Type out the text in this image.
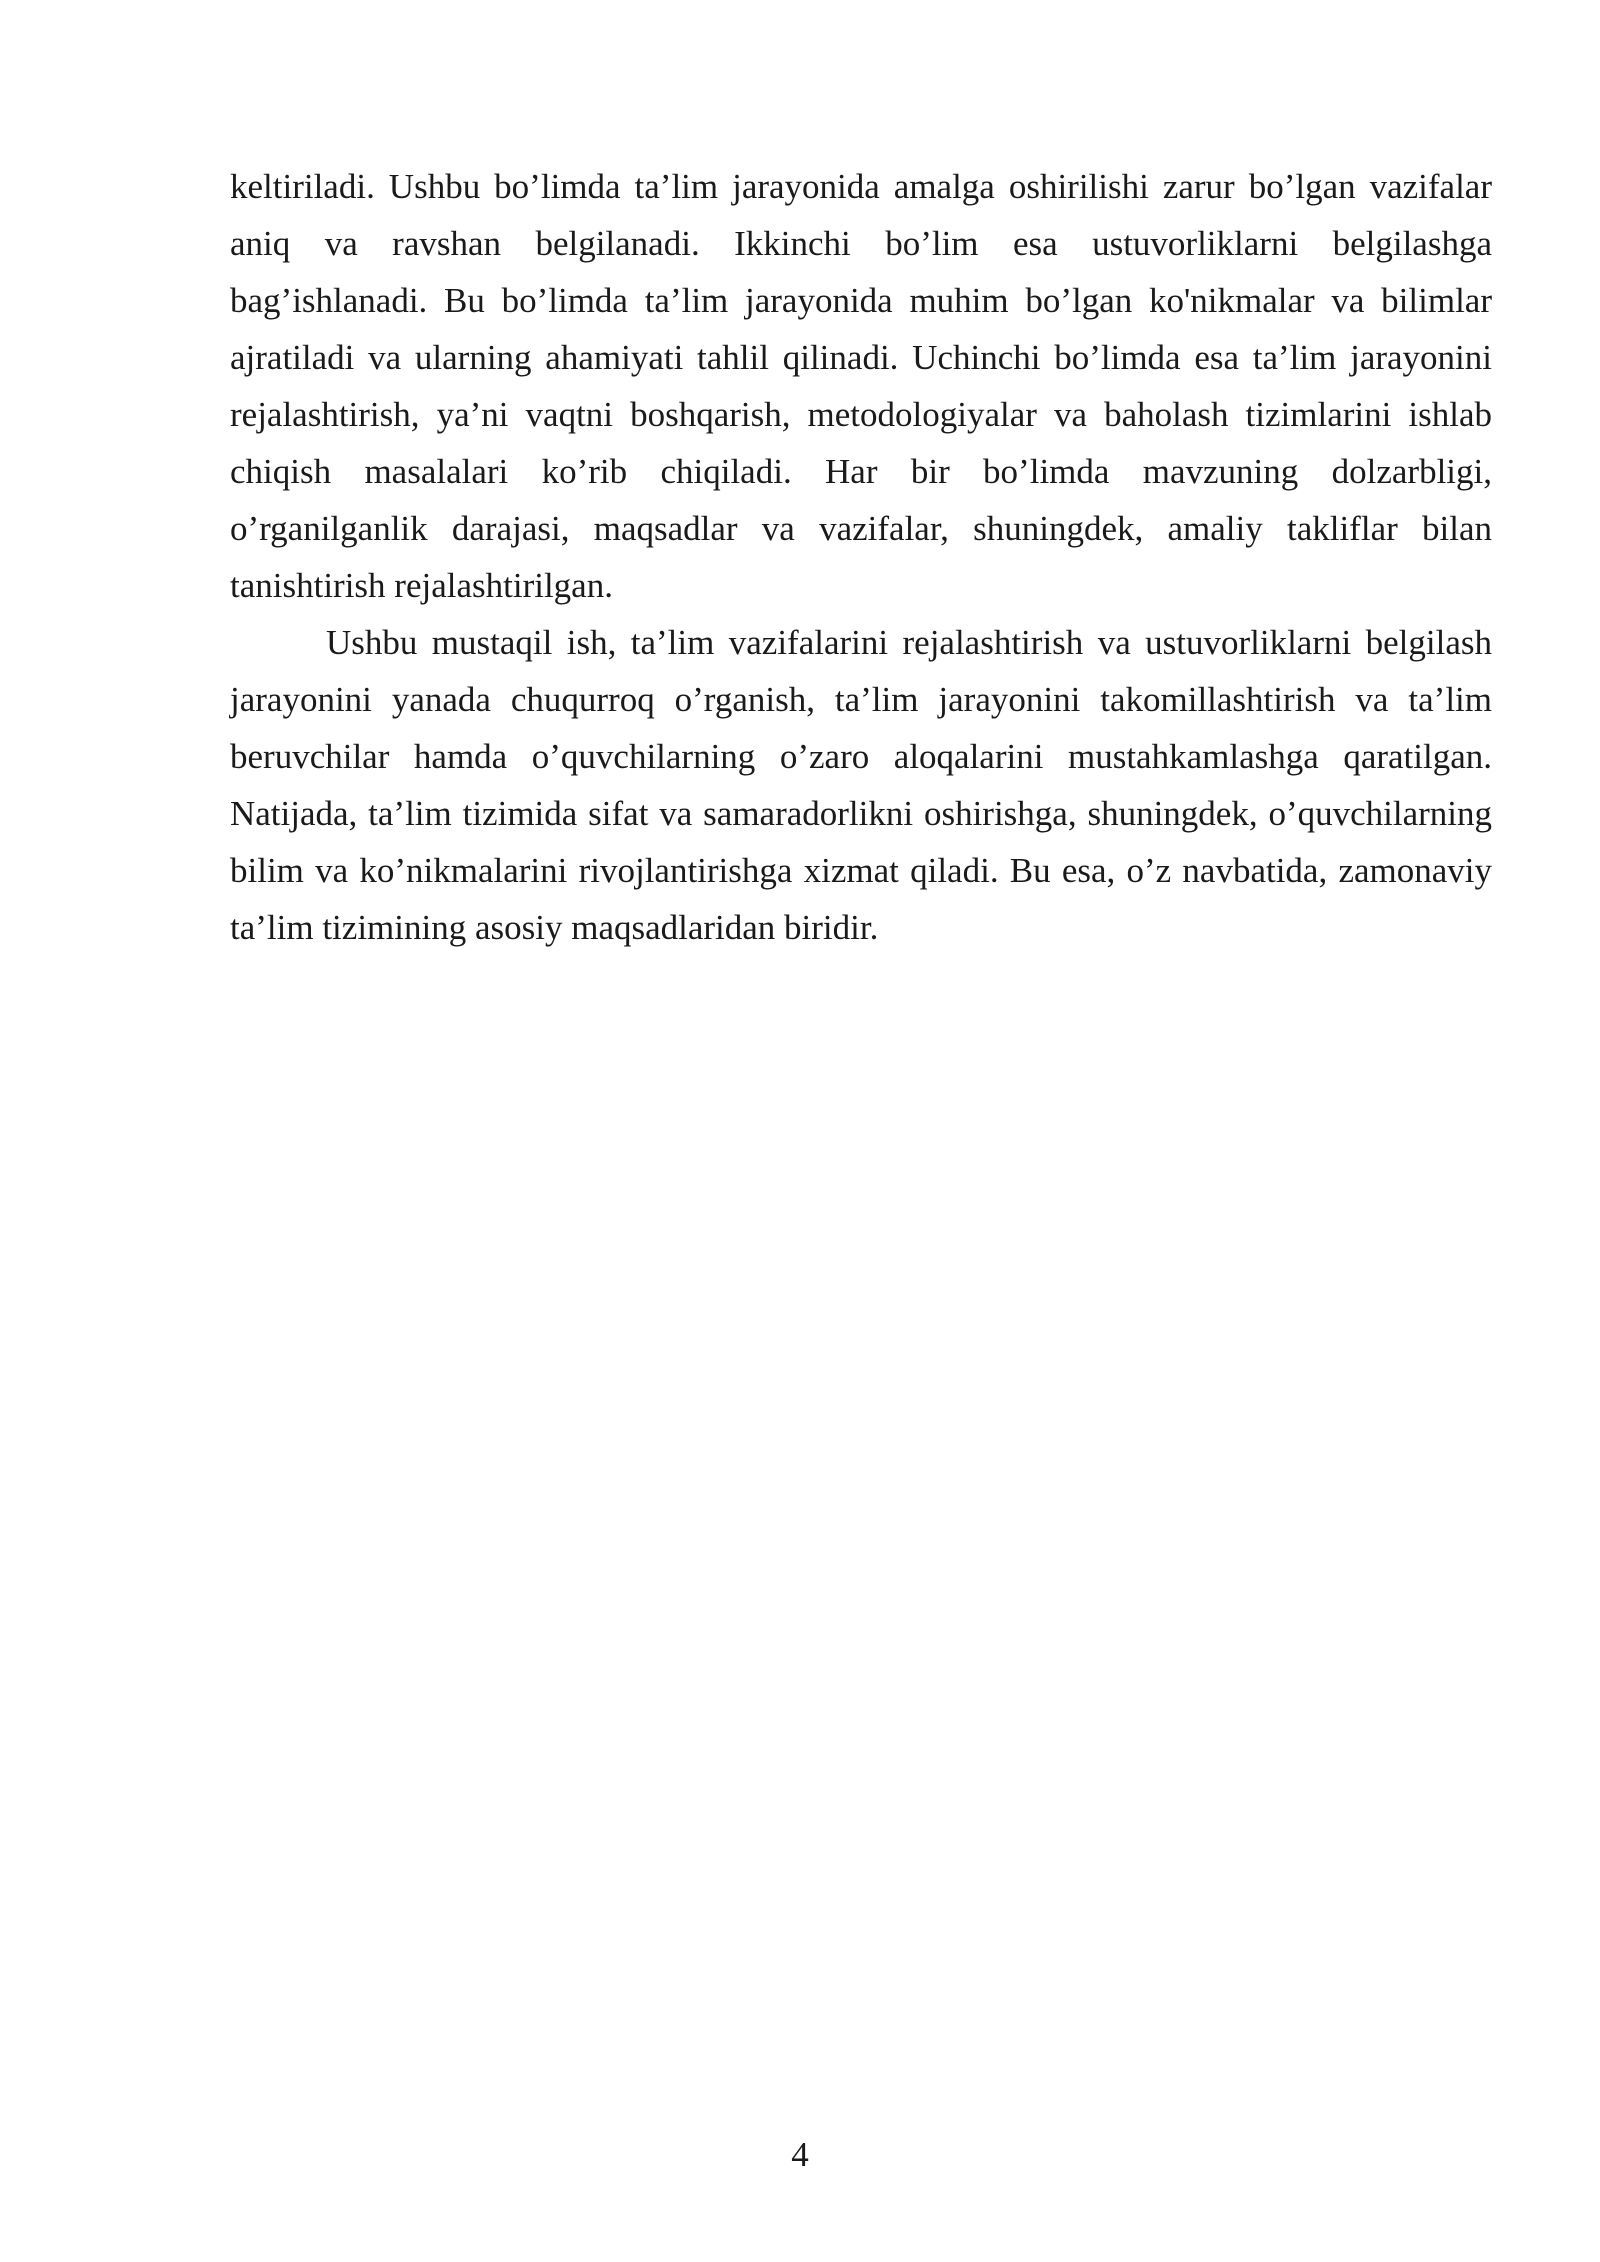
keltiriladi. Ushbu bo’limda ta’lim jarayonida amalga oshirilishi zarur bo’lgan vazifalar aniq va ravshan belgilanadi. Ikkinchi bo’lim esa ustuvorliklarni belgilashga bag’ishlanadi. Bu bo’limda ta’lim jarayonida muhim bo’lgan ko'nikmalar va bilimlar ajratiladi va ularning ahamiyati tahlil qilinadi. Uchinchi bo’limda esa ta’lim jarayonini rejalashtirish, ya’ni vaqtni boshqarish, metodologiyalar va baholash tizimlarini ishlab chiqish masalalari ko’rib chiqiladi. Har bir bo’limda mavzuning dolzarbligi, o’rganilganlik darajasi, maqsadlar va vazifalar, shuningdek, amaliy takliflar bilan tanishtirish rejalashtirilgan.

Ushbu mustaqil ish, ta’lim vazifalarini rejalashtirish va ustuvorliklarni belgilash jarayonini yanada chuqurroq o’rganish, ta’lim jarayonini takomillashtirish va ta’lim beruvchilar hamda o’quvchilarning o’zaro aloqalarini mustahkamlashga qaratilgan. Natijada, ta’lim tizimida sifat va samaradorlikni oshirishga, shuningdek, o’quvchilarning bilim va ko’nikmalarini rivojlantirishga xizmat qiladi. Bu esa, o’z navbatida, zamonaviy ta’lim tizimining asosiy maqsadlaridan biridir.

4
